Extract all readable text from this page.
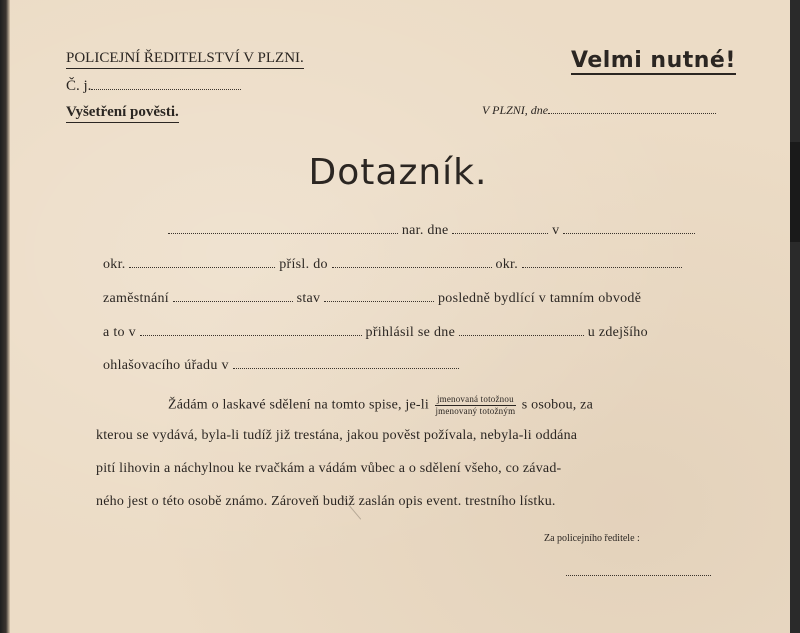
POLICEJNÍ ŘEDITELSTVÍ V PLZNI.
Č. j.
Vyšetření pověsti.
Velmi nutné!
V PLZNI, dne
Dotazník.
nar. dne	v
okr.	přísl. do	okr.
zaměstnání	stav	posledně bydlící v tamním obvodě
a to v	přihlásil se dne	u zdejšího
ohlašovacího úřadu v
Žádám o laskavé sdělení na tomto spise, $je-li \frac{\text{jmenovaná totožnou}}{\text{jmenovaný totožným}}$ s osobou, za
kterou se vydává, byla-li tudíž již trestána, jakou pověst požívala, nebyla-li oddána
pití lihovin a náchylnou ke rvačkám a vádám vůbec a o sdělení všeho, co závad-
ného jest o této osobě známo. Zároveň budiž zaslán opis event. trestního lístku.
Za policejního ředitele :
